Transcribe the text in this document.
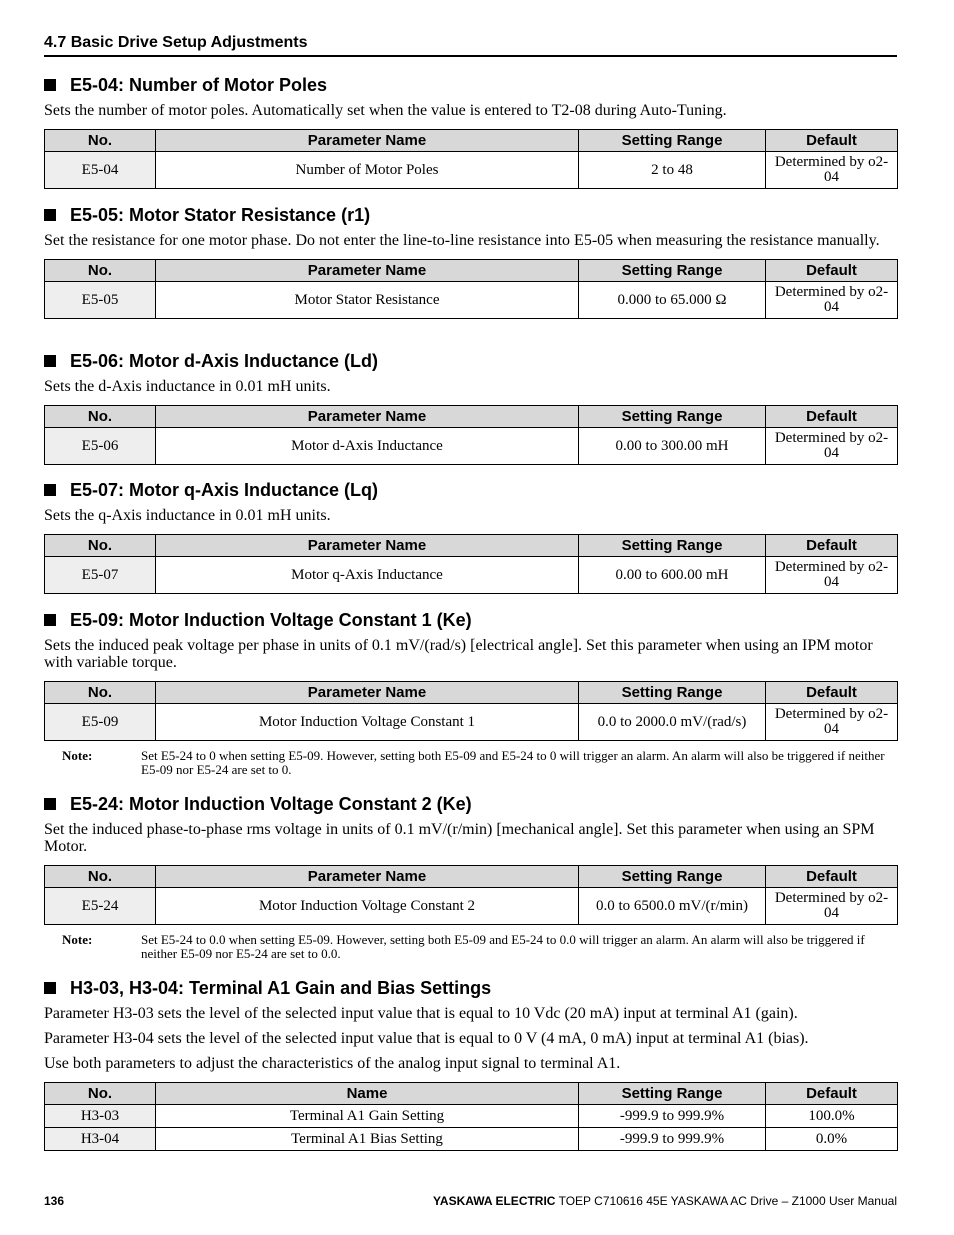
4.7 Basic Drive Setup Adjustments
E5-04: Number of Motor Poles

Sets the number of motor poles. Automatically set when the value is entered to T2-08 during Auto-Tuning.

No.	Parameter Name	Setting Range	Default
E5-04	Number of Motor Poles	2 to 48	Determined by o2-04
E5-05: Motor Stator Resistance (r1)

Set the resistance for one motor phase. Do not enter the line-to-line resistance into E5-05 when measuring the resistance manually.

No.	Parameter Name	Setting Range	Default
E5-05	Motor Stator Resistance	0.000 to 65.000 Ω	Determined by o2-04
E5-06: Motor d-Axis Inductance (Ld)

Sets the d-Axis inductance in 0.01 mH units.

No.	Parameter Name	Setting Range	Default
E5-06	Motor d-Axis Inductance	0.00 to 300.00 mH	Determined by o2-04
E5-07: Motor q-Axis Inductance (Lq)

Sets the q-Axis inductance in 0.01 mH units.

No.	Parameter Name	Setting Range	Default
E5-07	Motor q-Axis Inductance	0.00 to 600.00 mH	Determined by o2-04
E5-09: Motor Induction Voltage Constant 1 (Ke)

Sets the induced peak voltage per phase in units of 0.1 mV/(rad/s) [electrical angle]. Set this parameter when using an IPM motor with variable torque.

No.	Parameter Name	Setting Range	Default
E5-09	Motor Induction Voltage Constant 1	0.0 to 2000.0 mV/(rad/s)	Determined by o2-04
Note:	Set E5-24 to 0 when setting E5-09. However, setting both E5-09 and E5-24 to 0 will trigger an alarm. An alarm will also be triggered if neither E5-09 nor E5-24 are set to 0.
E5-24: Motor Induction Voltage Constant 2 (Ke)

Set the induced phase-to-phase rms voltage in units of 0.1 mV/(r/min) [mechanical angle]. Set this parameter when using an SPM Motor.

No.	Parameter Name	Setting Range	Default
E5-24	Motor Induction Voltage Constant 2	0.0 to 6500.0 mV/(r/min)	Determined by o2-04
Note:	Set E5-24 to 0.0 when setting E5-09. However, setting both E5-09 and E5-24 to 0.0 will trigger an alarm. An alarm will also be triggered if neither E5-09 nor E5-24 are set to 0.0.
H3-03, H3-04: Terminal A1 Gain and Bias Settings

Parameter H3-03 sets the level of the selected input value that is equal to 10 Vdc (20 mA) input at terminal A1 (gain).

Parameter H3-04 sets the level of the selected input value that is equal to 0 V (4 mA, 0 mA) input at terminal A1 (bias).

Use both parameters to adjust the characteristics of the analog input signal to terminal A1.

No.	Name	Setting Range	Default
H3-03	Terminal A1 Gain Setting	-999.9 to 999.9%	100.0%
H3-04	Terminal A1 Bias Setting	-999.9 to 999.9%	0.0%
136	YASKAWA ELECTRIC TOEP C710616 45E YASKAWA AC Drive – Z1000 User Manual
